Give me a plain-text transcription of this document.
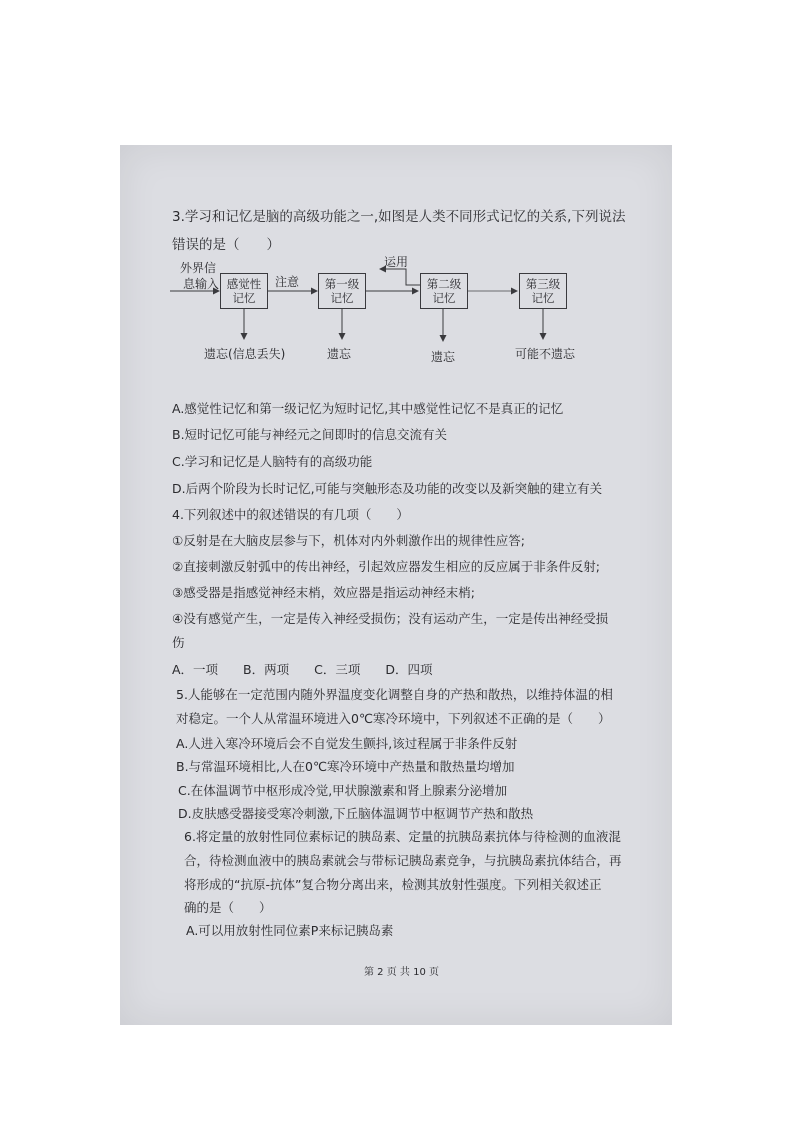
3.学习和记忆是脑的高级功能之一,如图是人类不同形式记忆的关系,下列说法
错误的是（　　）
外界信
息输入 感觉性
记忆
注意 第一级
记忆
运用
第二级
记忆
第三级
记忆
遗忘(信息丢失)	遗忘	遗忘	可能不遗忘
A.感觉性记忆和第一级记忆为短时记忆,其中感觉性记忆不是真正的记忆
B.短时记忆可能与神经元之间即时的信息交流有关
C.学习和记忆是人脑特有的高级功能
D.后两个阶段为长时记忆,可能与突触形态及功能的改变以及新突触的建立有关
4.下列叙述中的叙述错误的有几项（　　）
①反射是在大脑皮层参与下，机体对内外刺激作出的规律性应答;
②直接刺激反射弧中的传出神经，引起效应器发生相应的反应属于非条件反射;
③感受器是指感觉神经末梢，效应器是指运动神经末梢;
④没有感觉产生，一定是传入神经受损伤；没有运动产生，一定是传出神经受损
伤
A．一项　　B．两项　　C．三项　　D．四项
5.人能够在一定范围内随外界温度变化调整自身的产热和散热，以维持体温的相
对稳定。一个人从常温环境进入0℃寒冷环境中，下列叙述不正确的是（　　）
A.人进入寒冷环境后会不自觉发生颤抖,该过程属于非条件反射
B.与常温环境相比,人在0℃寒冷环境中产热量和散热量均增加
C.在体温调节中枢形成冷觉,甲状腺激素和肾上腺素分泌增加
D.皮肤感受器接受寒冷刺激,下丘脑体温调节中枢调节产热和散热
6.将定量的放射性同位素标记的胰岛素、定量的抗胰岛素抗体与待检测的血液混
合，待检测血液中的胰岛素就会与带标记胰岛素竞争，与抗胰岛素抗体结合，再
将形成的“抗原-抗体”复合物分离出来，检测其放射性强度。下列相关叙述正
确的是（　　）
A.可以用放射性同位素P来标记胰岛素
第 2 页 共 10 页
